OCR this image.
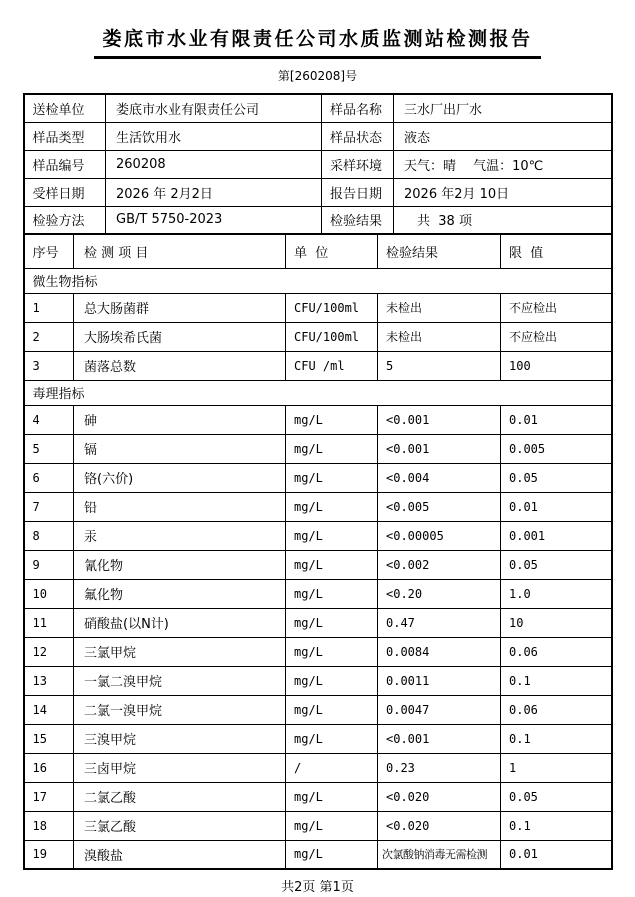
娄底市水业有限责任公司水质监测站检测报告
第[260208]号
送检单位	娄底市水业有限责任公司	样品名称	三水厂出厂水
样品类型	生活饮用水	样品状态	液态
样品编号	260208	采样环境	天气：晴　 气温：10℃
受样日期	2026 年 2月2日	报告日期	2026 年2月 10日
检验方法	GB/T 5750-2023	检验结果	　共  38 项
序号	检 测 项 目	单  位	检验结果	限  值
微生物指标				
1	总大肠菌群	CFU/100ml	未检出	不应检出
2	大肠埃希氏菌	CFU/100ml	未检出	不应检出
3	菌落总数	CFU /ml	5	100
毒理指标				
4	砷	mg/L	<0.001	0.01
5	镉	mg/L	<0.001	0.005
6	铬(六价)	mg/L	<0.004	0.05
7	铅	mg/L	<0.005	0.01
8	汞	mg/L	<0.00005	0.001
9	氰化物	mg/L	<0.002	0.05
10	氟化物	mg/L	<0.20	1.0
11	硝酸盐(以N计)	mg/L	0.47	10
12	三氯甲烷	mg/L	0.0084	0.06
13	一氯二溴甲烷	mg/L	0.0011	0.1
14	二氯一溴甲烷	mg/L	0.0047	0.06
15	三溴甲烷	mg/L	<0.001	0.1
16	三卤甲烷	/	0.23	1
17	二氯乙酸	mg/L	<0.020	0.05
18	三氯乙酸	mg/L	<0.020	0.1
19	溴酸盐	mg/L	次氯酸钠消毒无需检测	0.01
共2页 第1页
